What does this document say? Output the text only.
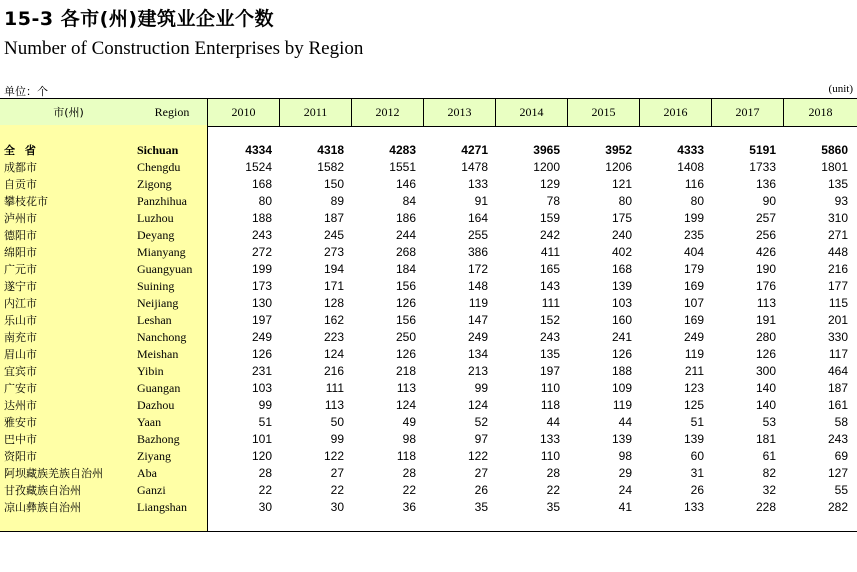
15-3 各市(州)建筑业企业个数
Number of Construction Enterprises by Region
单位：个	(unit)
市(州)	Region	2010	2011	2012	2013	2014	2015	2016	2017	2018
全 省	Sichuan	4334	4318	4283	4271	3965	3952	4333	5191	5860
成都市	Chengdu	1524	1582	1551	1478	1200	1206	1408	1733	1801
自贡市	Zigong	168	150	146	133	129	121	116	136	135
攀枝花市	Panzhihua	80	89	84	91	78	80	80	90	93
泸州市	Luzhou	188	187	186	164	159	175	199	257	310
德阳市	Deyang	243	245	244	255	242	240	235	256	271
绵阳市	Mianyang	272	273	268	386	411	402	404	426	448
广元市	Guangyuan	199	194	184	172	165	168	179	190	216
遂宁市	Suining	173	171	156	148	143	139	169	176	177
内江市	Neijiang	130	128	126	119	111	103	107	113	115
乐山市	Leshan	197	162	156	147	152	160	169	191	201
南充市	Nanchong	249	223	250	249	243	241	249	280	330
眉山市	Meishan	126	124	126	134	135	126	119	126	117
宜宾市	Yibin	231	216	218	213	197	188	211	300	464
广安市	Guangan	103	111	113	99	110	109	123	140	187
达州市	Dazhou	99	113	124	124	118	119	125	140	161
雅安市	Yaan	51	50	49	52	44	44	51	53	58
巴中市	Bazhong	101	99	98	97	133	139	139	181	243
资阳市	Ziyang	120	122	118	122	110	98	60	61	69
阿坝藏族羌族自治州	Aba	28	27	28	27	28	29	31	82	127
甘孜藏族自治州	Ganzi	22	22	22	26	22	24	26	32	55
凉山彝族自治州	Liangshan	30	30	36	35	35	41	133	228	282
